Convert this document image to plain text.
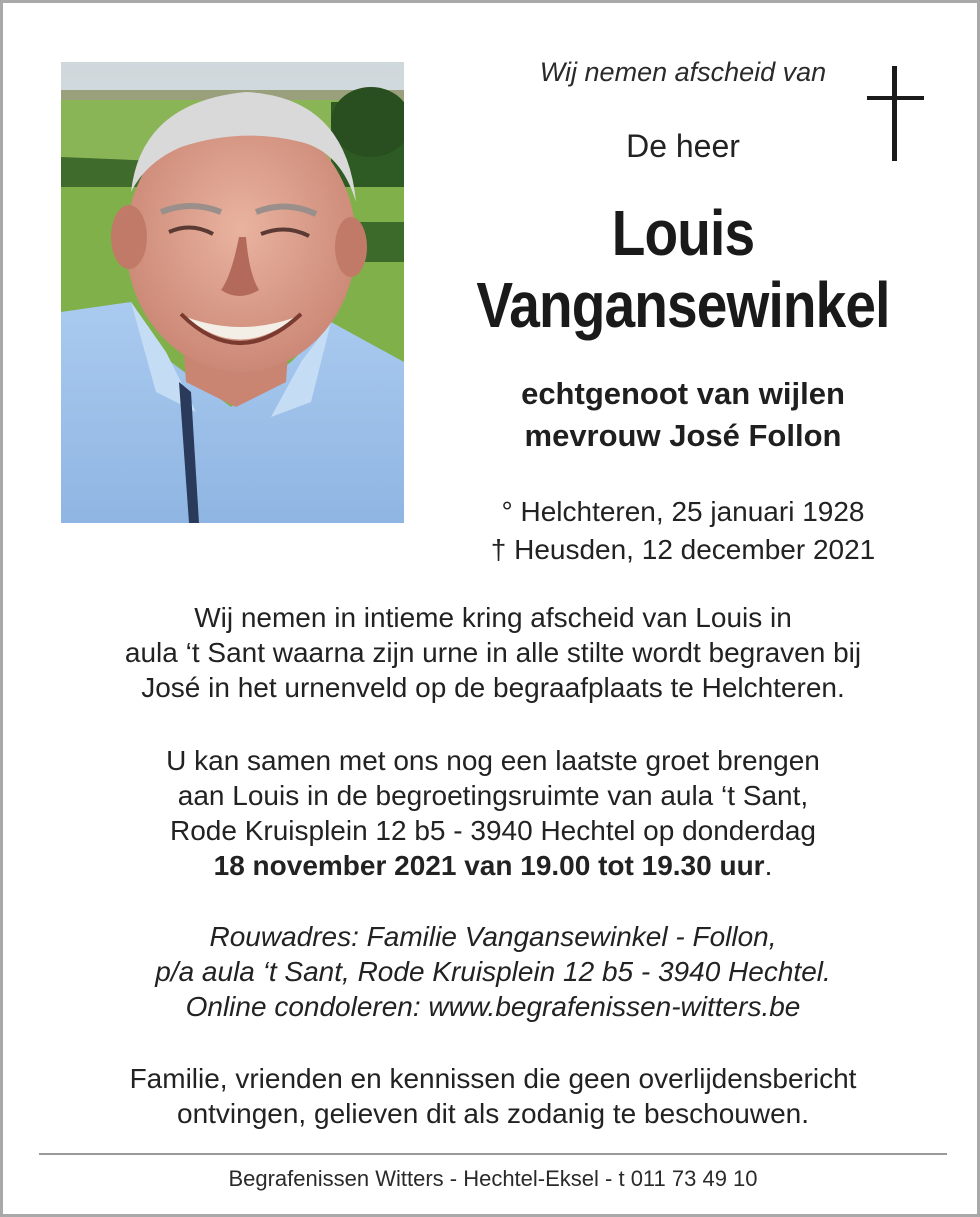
Wij nemen afscheid van
De heer
Louis
Vangansewinkel
echtgenoot van wijlen
mevrouw José Follon
° Helchteren, 25 januari 1928
† Heusden, 12 december 2021
Wij nemen in intieme kring afscheid van Louis in
aula ‘t Sant waarna zijn urne in alle stilte wordt begraven bij
José in het urnenveld op de begraafplaats te Helchteren.
U kan samen met ons nog een laatste groet brengen
aan Louis in de begroetingsruimte van aula ‘t Sant,
Rode Kruisplein 12 b5 - 3940 Hechtel op donderdag
18 november 2021 van 19.00 tot 19.30 uur.
Rouwadres: Familie Vangansewinkel - Follon,
p/a aula ‘t Sant, Rode Kruisplein 12 b5 - 3940 Hechtel.
Online condoleren: www.begrafenissen-witters.be
Familie, vrienden en kennissen die geen overlijdensbericht
ontvingen, gelieven dit als zodanig te beschouwen.
Begrafenissen Witters - Hechtel-Eksel - t 011 73 49 10
